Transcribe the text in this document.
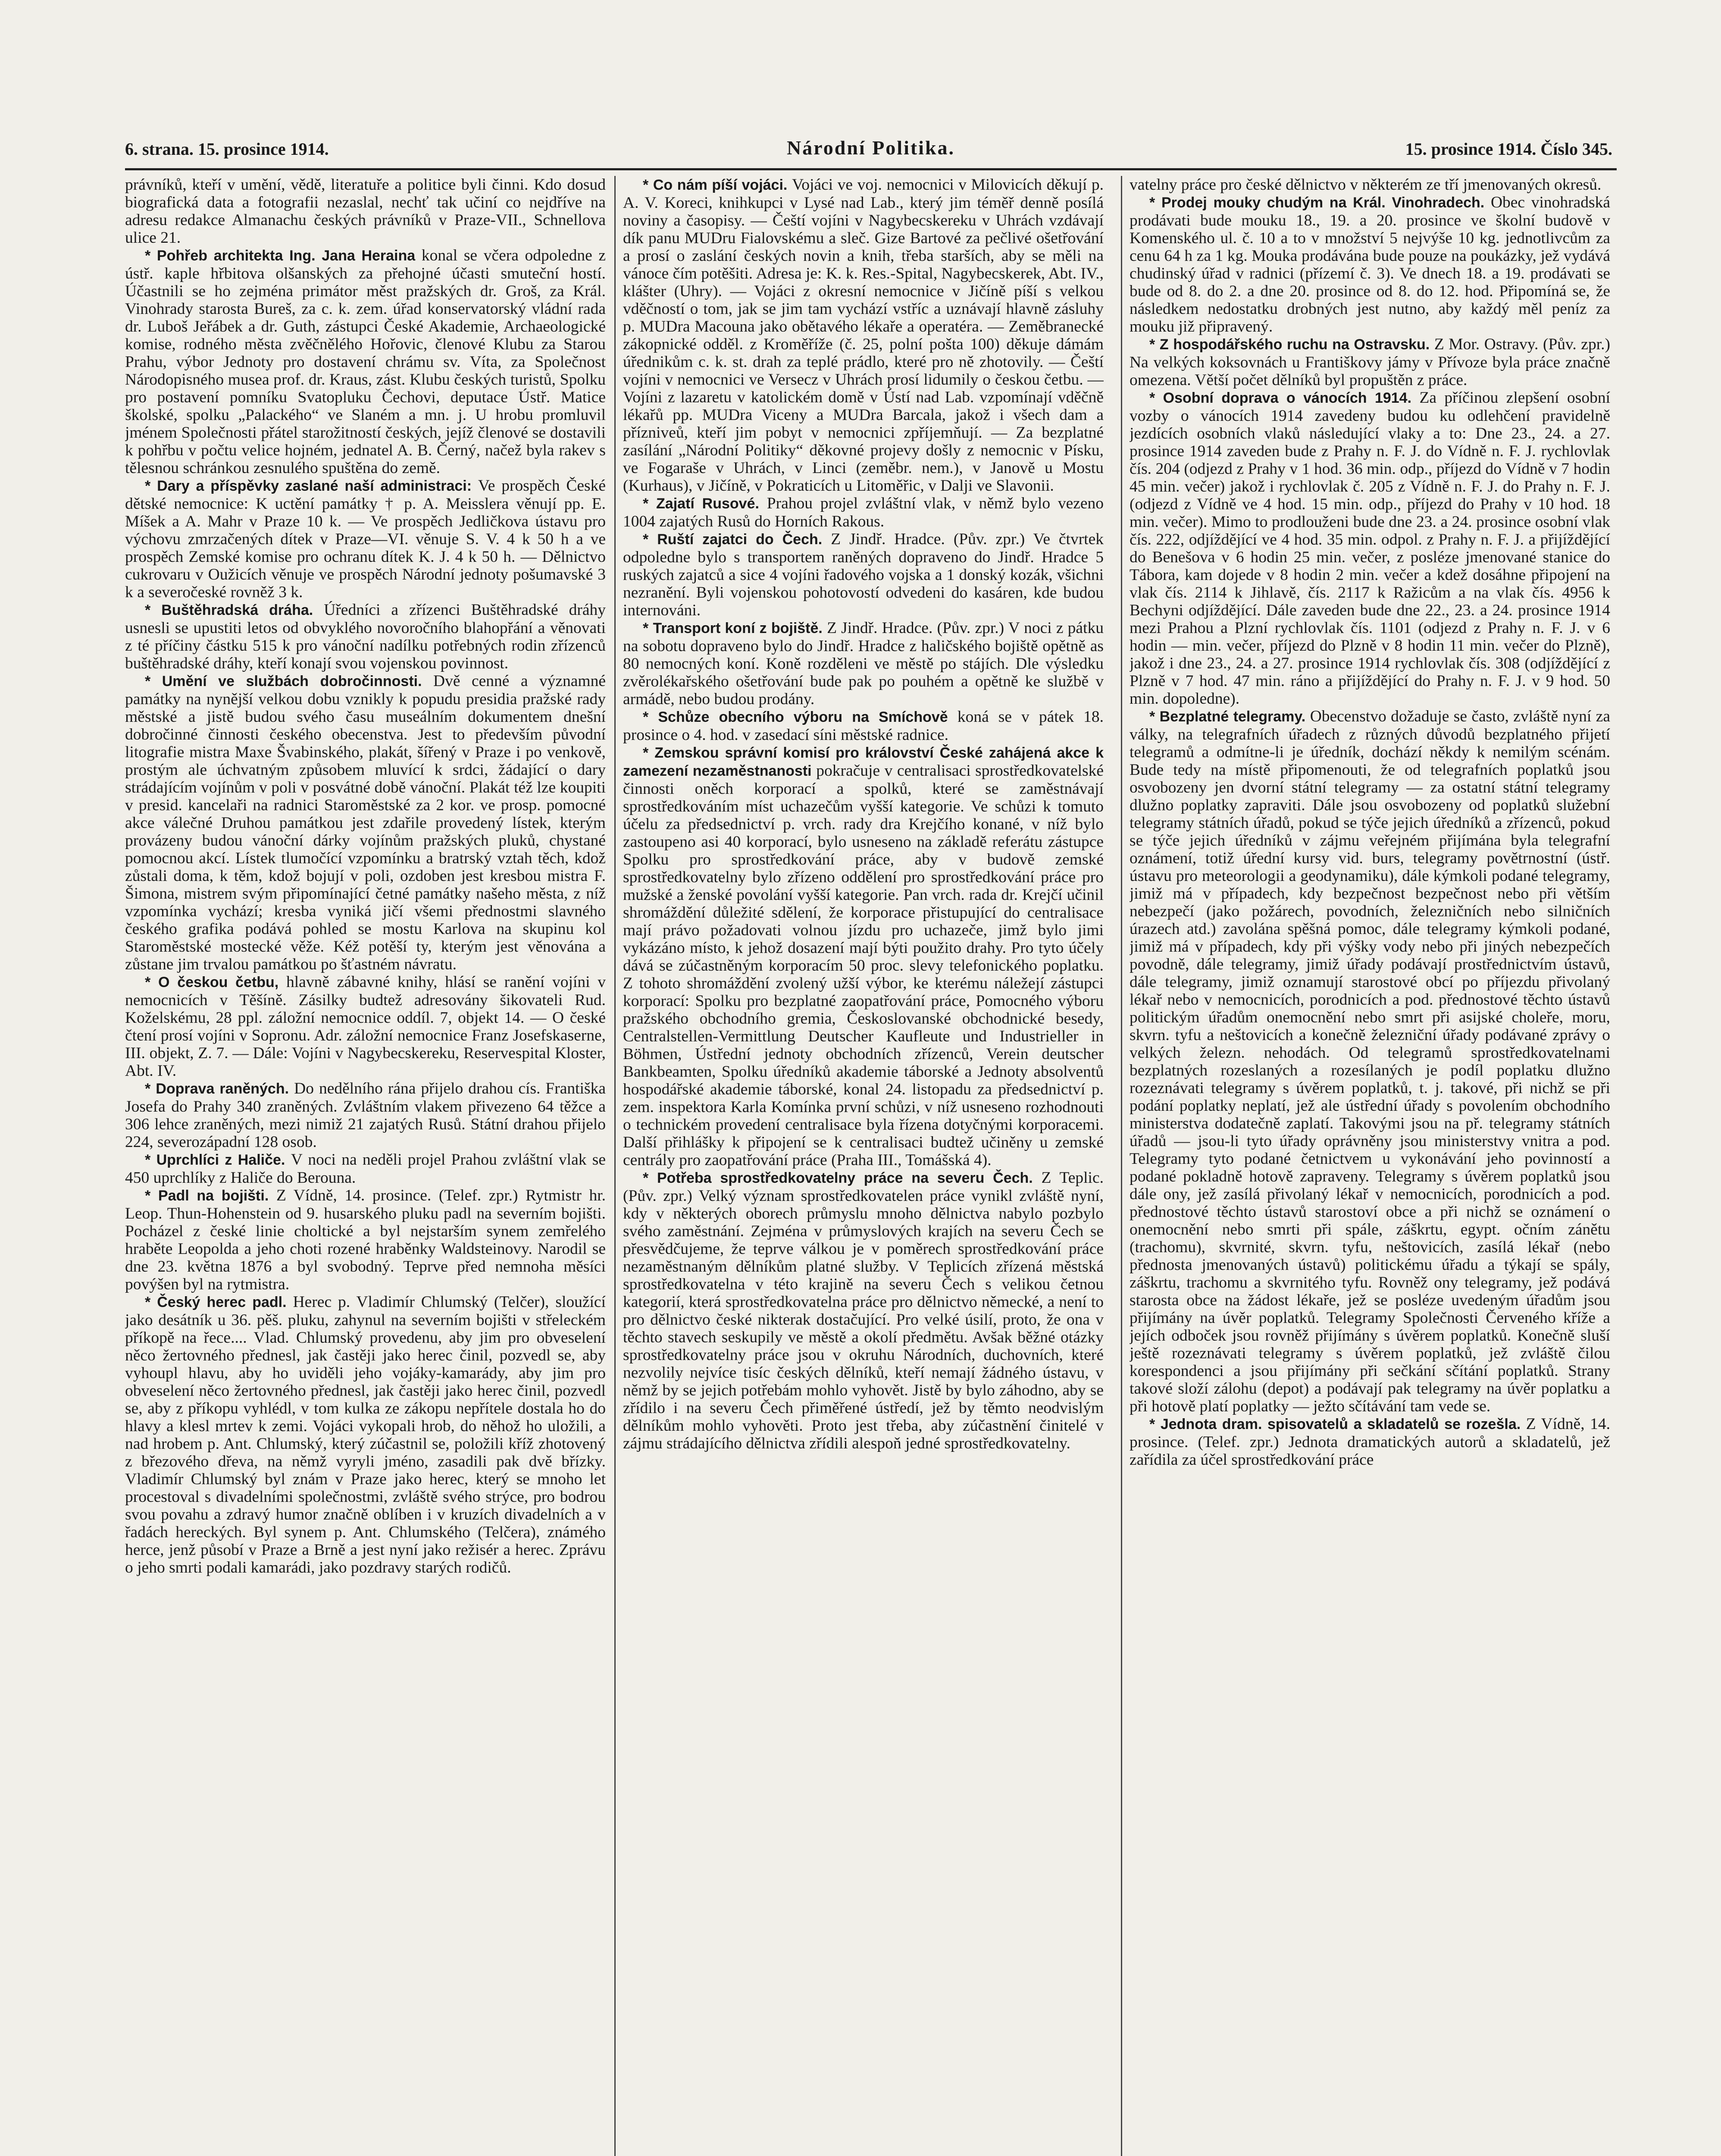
6. strana. 15. prosince 1914.	Národní Politika.	15. prosince 1914. Číslo 345.

právníků, kteří v umění, vědě, literatuře a politice byli činni. Kdo dosud biografická data a fotografii nezaslal, nechť tak učiní co nejdříve na adresu redakce Almanachu českých právníků v Praze-VII., Schnellova ulice 21.

* Pohřeb architekta Ing. Jana Heraina konal se včera odpoledne z ústř. kaple hřbitova olšanských za přehojné účasti smuteční hostí. Účastnili se ho zejména primátor měst pražských dr. Groš, za Král. Vinohrady starosta Bureš, za c. k. zem. úřad konservatorský vládní rada dr. Luboš Jeřábek a dr. Guth, zástupci České Akademie, Archaeologické komise, rodného města zvěčnělého Hořovic, členové Klubu za Starou Prahu, výbor Jednoty pro dostavení chrámu sv. Víta, za Společnost Národopisného musea prof. dr. Kraus, zást. Klubu českých turistů, Spolku pro postavení pomníku Svatopluku Čechovi, deputace Ústř. Matice školské, spolku „Palackého“ ve Slaném a mn. j. U hrobu promluvil jménem Společnosti přátel starožitností českých, jejíž členové se dostavili k pohřbu v počtu velice hojném, jednatel A. B. Černý, načež byla rakev s tělesnou schránkou zesnulého spuštěna do země.

* Dary a příspěvky zaslané naší administraci: Ve prospěch České dětské nemocnice: K uctění památky † p. A. Meisslera věnují pp. E. Míšek a A. Mahr v Praze 10 k. — Ve prospěch Jedličkova ústavu pro výchovu zmrzačených dítek v Praze—VI. věnuje S. V. 4 k 50 h a ve prospěch Zemské komise pro ochranu dítek K. J. 4 k 50 h. — Dělnictvo cukrovaru v Oužicích věnuje ve prospěch Národní jednoty pošumavské 3 k a severočeské rovněž 3 k.

* Buštěhradská dráha. Úředníci a zřízenci Buštěhradské dráhy usnesli se upustiti letos od obvyklého novoročního blahopřání a věnovati z té příčiny částku 515 k pro vánoční nadílku potřebných rodin zřízenců buštěhradské dráhy, kteří konají svou vojenskou povinnost.

* Umění ve službách dobročinnosti. Dvě cenné a významné památky na nynější velkou dobu vznikly k popudu presidia pražské rady městské a jistě budou svého času museálním dokumentem dnešní dobročinné činnosti českého obecenstva. Jest to především původní litografie mistra Maxe Švabinského, plakát, šířený v Praze i po venkově, prostým ale úchvatným způsobem mluvící k srdci, žádající o dary strádajícím vojínům v poli v posvátné době vánoční. Plakát též lze koupiti v presid. kancelaři na radnici Staroměstské za 2 kor. ve prosp. pomocné akce válečné Druhou památkou jest zdařile provedený lístek, kterým provázeny budou vánoční dárky vojínům pražských pluků, chystané pomocnou akcí. Lístek tlumočící vzpomínku a bratrský vztah těch, kdož zůstali doma, k těm, kdož bojují v poli, ozdoben jest kresbou mistra F. Šimona, mistrem svým připomínající četné památky našeho města, z níž vzpomínka vychází; kresba vyniká jičí všemi přednostmi slavného českého grafika podává pohled se mostu Karlova na skupinu kol Staroměstské mostecké věže. Kéž potěší ty, kterým jest věnována a zůstane jim trvalou památkou po šťastném návratu.

* O českou četbu, hlavně zábavné knihy, hlásí se ranění vojíni v nemocnicích v Těšíně. Zásilky budtež adresovány šikovateli Rud. Koželskému, 28 ppl. záložní nemocnice oddíl. 7, objekt 14. — O české čtení prosí vojíni v Sopronu. Adr. záložní nemocnice Franz Josefskaserne, III. objekt, Z. 7. — Dále: Vojíni v Nagybecskereku, Reservespital Kloster, Abt. IV.

* Doprava raněných. Do nedělního rána přijelo drahou cís. Františka Josefa do Prahy 340 zraněných. Zvláštním vlakem přivezeno 64 těžce a 306 lehce zraněných, mezi nimiž 21 zajatých Rusů. Státní drahou přijelo 224, severozápadní 128 osob.

* Uprchlíci z Haliče. V noci na neděli projel Prahou zvláštní vlak se 450 uprchlíky z Haliče do Berouna.

* Padl na bojišti. Z Vídně, 14. prosince. (Telef. zpr.) Rytmistr hr. Leop. Thun-Hohenstein od 9. husarského pluku padl na severním bojišti. Pocházel z české linie choltické a byl nejstarším synem zemřelého hraběte Leopolda a jeho choti rozené hraběnky Waldsteinovy. Narodil se dne 23. května 1876 a byl svobodný. Teprve před nemnoha měsíci povýšen byl na rytmistra.

* Český herec padl. Herec p. Vladimír Chlumský (Telčer), sloužící jako desátník u 36. pěš. pluku, zahynul na severním bojišti v střeleckém příkopě na řece.... Vlad. Chlumský provedenu, aby jim pro obveselení něco žertovného přednesl, jak častěji jako herec činil, pozvedl se, aby vyhoupl hlavu, aby ho uviděli jeho vojáky-kamarády, aby jim pro obveselení něco žertovného přednesl, jak častěji jako herec činil, pozvedl se, aby z příkopu vyhlédl, v tom kulka ze zákopu nepřítele dostala ho do hlavy a klesl mrtev k zemi. Vojáci vykopali hrob, do něhož ho uložili, a nad hrobem p. Ant. Chlumský, který zúčastnil se, položili kříž zhotovený z březového dřeva, na němž vyryli jméno, zasadili pak dvě břízky. Vladimír Chlumský byl znám v Praze jako herec, který se mnoho let procestoval s divadelními společnostmi, zvláště svého strýce, pro bodrou svou povahu a zdravý humor značně oblíben i v kruzích divadelních a v řadách hereckých. Byl synem p. Ant. Chlumského (Telčera), známého herce, jenž působí v Praze a Brně a jest nyní jako režisér a herec. Zprávu o jeho smrti podali kamarádi, jako pozdravy starých rodičů.

* Co nám píší vojáci. Vojáci ve voj. nemocnici v Milovicích děkují p. A. V. Koreci, knihkupci v Lysé nad Lab., který jim téměř denně posílá noviny a časopisy. — Čeští vojíni v Nagybecskereku v Uhrách vzdávají dík panu MUDru Fialovskému a sleč. Gize Bartové za pečlivé ošetřování a prosí o zaslání českých novin a knih, třeba starších, aby se měli na vánoce čím potěšiti. Adresa je: K. k. Res.-Spital, Nagybecskerek, Abt. IV., klášter (Uhry). — Vojáci z okresní nemocnice v Jičíně píší s velkou vděčností o tom, jak se jim tam vychází vstříc a uznávají hlavně zásluhy p. MUDra Macouna jako obětavého lékaře a operatéra. — Zeměbranecké zákopnické odděl. z Kroměříže (č. 25, polní pošta 100) děkuje dámám úřednikům c. k. st. drah za teplé prádlo, které pro ně zhotovily. — Čeští vojíni v nemocnici ve Versecz v Uhrách prosí lidumily o českou četbu. — Vojíni z lazaretu v katolickém domě v Ústí nad Lab. vzpomínají vděčně lékařů pp. MUDra Viceny a MUDra Barcala, jakož i všech dam a přízniveů, kteří jim pobyt v nemocnici zpříjemňují. — Za bezplatné zasílání „Národní Politiky“ děkovné projevy došly z nemocnic v Písku, ve Fogaraše v Uhrách, v Linci (zeměbr. nem.), v Janově u Mostu (Kurhaus), v Jičíně, v Pokraticích u Litoměřic, v Dalji ve Slavonii.

* Zajatí Rusové. Prahou projel zvláštní vlak, v němž bylo vezeno 1004 zajatých Rusů do Horních Rakous.

* Ruští zajatci do Čech. Z Jindř. Hradce. (Pův. zpr.) Ve čtvrtek odpoledne bylo s transportem raněných dopraveno do Jindř. Hradce 5 ruských zajatců a sice 4 vojíni řadového vojska a 1 donský kozák, všichni nezranění. Byli vojenskou pohotovostí odvedeni do kasáren, kde budou internováni.

* Transport koní z bojiště. Z Jindř. Hradce. (Pův. zpr.) V noci z pátku na sobotu dopraveno bylo do Jindř. Hradce z haličského bojiště opětně as 80 nemocných koní. Koně rozděleni ve městě po stájích. Dle výsledku zvěrolékařského ošetřování bude pak po pouhém a opětně ke službě v armádě, nebo budou prodány.

* Schůze obecního výboru na Smíchově koná se v pátek 18. prosince o 4. hod. v zasedací síni městské radnice.

* Zemskou správní komisí pro království České zahájená akce k zamezení nezaměstnanosti pokračuje v centralisaci sprostředkovatelské činnosti oněch korporací a spolků, které se zaměstnávají sprostředkováním míst uchazečům vyšší kategorie. Ve schůzi k tomuto účelu za předsednictví p. vrch. rady dra Krejčího konané, v níž bylo zastoupeno asi 40 korporací, bylo usneseno na základě referátu zástupce Spolku pro sprostředkování práce, aby v budově zemské sprostředkovatelny bylo zřízeno oddělení pro sprostředkování práce pro mužské a ženské povolání vyšší kategorie. Pan vrch. rada dr. Krejčí učinil shromáždění důležité sdělení, že korporace přistupující do centralisace mají právo požadovati volnou jízdu pro uchazeče, jimž bylo jimi vykázáno místo, k jehož dosazení mají býti použito drahy. Pro tyto účely dává se zúčastněným korporacím 50 proc. slevy telefonického poplatku. Z tohoto shromáždění zvolený užší výbor, ke kterému náležejí zástupci korporací: Spolku pro bezplatné zaopatřování práce, Pomocného výboru pražského obchodního gremia, Českoslovanské obchodnické besedy, Centralstellen-Vermittlung Deutscher Kaufleute und Industrieller in Böhmen, Ústřední jednoty obchodních zřízenců, Verein deutscher Bankbeamten, Spolku úředníků akademie táborské a Jednoty absolventů hospodářské akademie táborské, konal 24. listopadu za předsednictví p. zem. inspektora Karla Komínka první schůzi, v níž usneseno rozhodnouti o technickém provedení centralisace byla řízena dotyčnými korporacemi. Další přihlášky k připojení se k centralisaci budtež učiněny u zemské centrály pro zaopatřování práce (Praha III., Tomášská 4).

* Potřeba sprostředkovatelny práce na severu Čech. Z Teplic. (Pův. zpr.) Velký význam sprostředkovatelen práce vynikl zvláště nyní, kdy v některých oborech průmyslu mnoho dělnictva nabylo pozbylo svého zaměstnání. Zejména v průmyslových krajích na severu Čech se přesvědčujeme, že teprve válkou je v poměrech sprostředkování práce nezaměstnaným dělníkům platné služby. V Teplicích zřízená městská sprostředkovatelna v této krajině na severu Čech s velikou četnou kategorií, která sprostředkovatelna práce pro dělnictvo německé, a není to pro dělnictvo české nikterak dostačující. Pro velké úsilí, proto, že ona v těchto stavech seskupily ve městě a okolí předmětu. Avšak běžné otázky sprostředkovatelny práce jsou v okruhu Národních, duchovních, které nezvolily nejvíce tisíc českých dělníků, kteří nemají žádného ústavu, v němž by se jejich potřebám mohlo vyhovět. Jistě by bylo záhodno, aby se zřídilo i na severu Čech přiměřené ústředí, jež by těmto neodvislým dělníkům mohlo vyhověti. Proto jest třeba, aby zúčastnění činitelé v zájmu strádajícího dělnictva zřídili alespoň jedné sprostředkovatelny.

vatelny práce pro české dělnictvo v některém ze tří jmenovaných okresů.

* Prodej mouky chudým na Král. Vinohradech. Obec vinohradská prodávati bude mouku 18., 19. a 20. prosince ve školní budově v Komenského ul. č. 10 a to v množství 5 nejvýše 10 kg. jednotlivcům za cenu 64 h za 1 kg. Mouka prodávána bude pouze na poukázky, jež vydává chudinský úřad v radnici (přízemí č. 3). Ve dnech 18. a 19. prodávati se bude od 8. do 2. a dne 20. prosince od 8. do 12. hod. Připomíná se, že následkem nedostatku drobných jest nutno, aby každý měl peníz za mouku již připravený.

* Z hospodářského ruchu na Ostravsku. Z Mor. Ostravy. (Pův. zpr.) Na velkých koksovnách u Františkovy jámy v Přívoze byla práce značně omezena. Větší počet dělníků byl propuštěn z práce.

* Osobní doprava o vánocích 1914. Za příčinou zlepšení osobní vozby o vánocích 1914 zavedeny budou ku odlehčení pravidelně jezdících osobních vlaků následující vlaky a to: Dne 23., 24. a 27. prosince 1914 zaveden bude z Prahy n. F. J. do Vídně n. F. J. rychlovlak čís. 204 (odjezd z Prahy v 1 hod. 36 min. odp., příjezd do Vídně v 7 hodin 45 min. večer) jakož i rychlovlak č. 205 z Vídně n. F. J. do Prahy n. F. J. (odjezd z Vídně ve 4 hod. 15 min. odp., příjezd do Prahy v 10 hod. 18 min. večer). Mimo to prodlouženi bude dne 23. a 24. prosince osobní vlak čís. 222, odjíždějící ve 4 hod. 35 min. odpol. z Prahy n. F. J. a přijíždějící do Benešova v 6 hodin 25 min. večer, z posléze jmenované stanice do Tábora, kam dojede v 8 hodin 2 min. večer a kdež dosáhne připojení na vlak čís. 2114 k Jihlavě, čís. 2117 k Ražicům a na vlak čís. 4956 k Bechyni odjíždějící. Dále zaveden bude dne 22., 23. a 24. prosince 1914 mezi Prahou a Plzní rychlovlak čís. 1101 (odjezd z Prahy n. F. J. v 6 hodin — min. večer, příjezd do Plzně v 8 hodin 11 min. večer do Plzně), jakož i dne 23., 24. a 27. prosince 1914 rychlovlak čís. 308 (odjíždějící z Plzně v 7 hod. 47 min. ráno a přijíždějící do Prahy n. F. J. v 9 hod. 50 min. dopoledne).

* Bezplatné telegramy. Obecenstvo dožaduje se často, zvláště nyní za války, na telegrafních úřadech z různých důvodů bezplatného přijetí telegramů a odmítne-li je úředník, dochází někdy k nemilým scénám. Bude tedy na místě připomenouti, že od telegrafních poplatků jsou osvobozeny jen dvorní státní telegramy — za ostatní státní telegramy dlužno poplatky zapraviti. Dále jsou osvobozeny od poplatků služební telegramy státních úřadů, pokud se týče jejich úředníků a zřízenců, pokud se týče jejich úředníků v zájmu veřejném přijímána byla telegrafní oznámení, totiž úřední kursy vid. burs, telegramy povětrnostní (ústř. ústavu pro meteorologii a geodynamiku), dále kýmkoli podané telegramy, jimiž má v případech, kdy bezpečnost bezpečnost nebo při větším nebezpečí (jako požárech, povodních, železničních nebo silničních úrazech atd.) zavolána spěšná pomoc, dále telegramy kýmkoli podané, jimiž má v případech, kdy při výšky vody nebo při jiných nebezpečích povodně, dále telegramy, jimiž úřady podávají prostřednictvím ústavů, dále telegramy, jimiž oznamují starostové obcí po příjezdu přivolaný lékař nebo v nemocnicích, porodnicích a pod. přednostové těchto ústavů politickým úřadům onemocnění nebo smrt při asijské choleře, moru, skvrn. tyfu a neštovicích a konečně železniční úřady podávané zprávy o velkých železn. nehodách. Od telegramů sprostředkovatelnami bezplatných rozeslaných a rozesílaných je podíl poplatku dlužno rozeznávati telegramy s úvěrem poplatků, t. j. takové, při nichž se při podání poplatky neplatí, jež ale ústřední úřady s povolením obchodního ministerstva dodatečně zaplatí. Takovými jsou na př. telegramy státních úřadů — jsou-li tyto úřady oprávněny jsou ministerstvy vnitra a pod. Telegramy tyto podané četnictvem u vykonávání jeho povinností a podané pokladně hotově zapraveny. Telegramy s úvěrem poplatků jsou dále ony, jež zasílá přivolaný lékař v nemocnicích, porodnicích a pod. přednostové těchto ústavů starostoví obce a při nichž se oznámení o onemocnění nebo smrti při spále, záškrtu, egypt. očním zánětu (trachomu), skvrnité, skvrn. tyfu, neštovicích, zasílá lékař (nebo přednosta jmenovaných ústavů) politickému úřadu a týkají se spály, záškrtu, trachomu a skvrnitého tyfu. Rovněž ony telegramy, jež podává starosta obce na žádost lékaře, jež se posléze uvedeným úřadům jsou přijímány na úvěr poplatků. Telegramy Společnosti Červeného kříže a jejích odboček jsou rovněž přijímány s úvěrem poplatků. Konečně sluší ještě rozeznávati telegramy s úvěrem poplatků, jež zvláště čilou korespondenci a jsou přijímány při sečkání sčítání poplatků. Strany takové složí zálohu (depot) a podávají pak telegramy na úvěr poplatku a při hotově platí poplatky — ježto sčítávání tam vede se.

* Jednota dram. spisovatelů a skladatelů se rozešla. Z Vídně, 14. prosince. (Telef. zpr.) Jednota dramatických autorů a skladatelů, jež zařídila za účel sprostředkování práce
